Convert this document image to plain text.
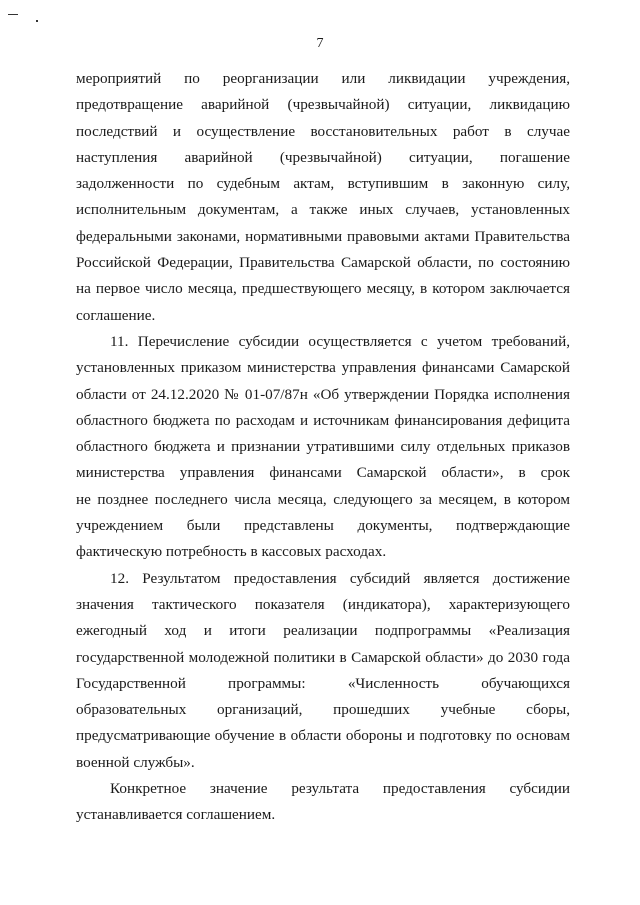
7
мероприятий по реорганизации или ликвидации учреждения,
предотвращение аварийной (чрезвычайной) ситуации, ликвидацию
последствий и осуществление восстановительных работ в случае
наступления аварийной (чрезвычайной) ситуации, погашение
задолженности по судебным актам, вступившим в законную силу,
исполнительным документам, а также иных случаев, установленных
федеральными законами, нормативными правовыми актами Правительства
Российской Федерации, Правительства Самарской области, по состоянию
на первое число месяца, предшествующего месяцу, в котором заключается
соглашение.
11. Перечисление субсидии осуществляется с учетом требований,
установленных приказом министерства управления финансами Самарской
области от 24.12.2020 № 01-07/87н «Об утверждении Порядка исполнения
областного бюджета по расходам и источникам финансирования дефицита
областного бюджета и признании утратившими силу отдельных приказов
министерства управления финансами Самарской области», в срок
не позднее последнего числа месяца, следующего за месяцем, в котором
учреждением были представлены документы, подтверждающие
фактическую потребность в кассовых расходах.
12. Результатом предоставления субсидий является достижение
значения тактического показателя (индикатора), характеризующего
ежегодный ход и итоги реализации подпрограммы «Реализация
государственной молодежной политики в Самарской области» до 2030 года
Государственной программы: «Численность обучающихся
образовательных организаций, прошедших учебные сборы,
предусматривающие обучение в области обороны и подготовку по основам
военной службы».
Конкретное значение результата предоставления субсидии
устанавливается соглашением.
